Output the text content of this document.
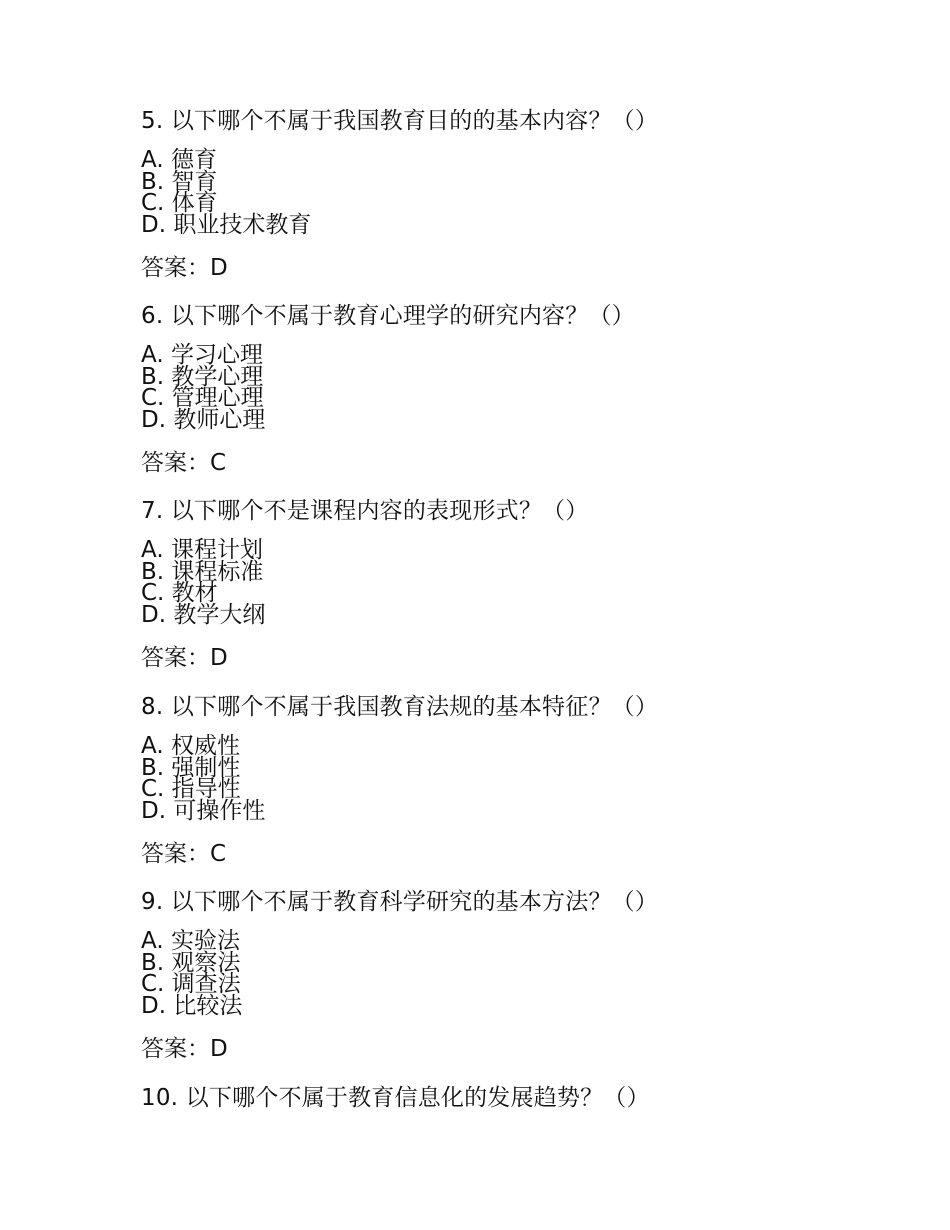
5. 以下哪个不属于我国教育目的的基本内容？（）
A. 德育
B. 智育
C. 体育
D. 职业技术教育
答案：D
6. 以下哪个不属于教育心理学的研究内容？（）
A. 学习心理
B. 教学心理
C. 管理心理
D. 教师心理
答案：C
7. 以下哪个不是课程内容的表现形式？（）
A. 课程计划
B. 课程标准
C. 教材
D. 教学大纲
答案：D
8. 以下哪个不属于我国教育法规的基本特征？（）
A. 权威性
B. 强制性
C. 指导性
D. 可操作性
答案：C
9. 以下哪个不属于教育科学研究的基本方法？（）
A. 实验法
B. 观察法
C. 调查法
D. 比较法
答案：D
10. 以下哪个不属于教育信息化的发展趋势？（）
